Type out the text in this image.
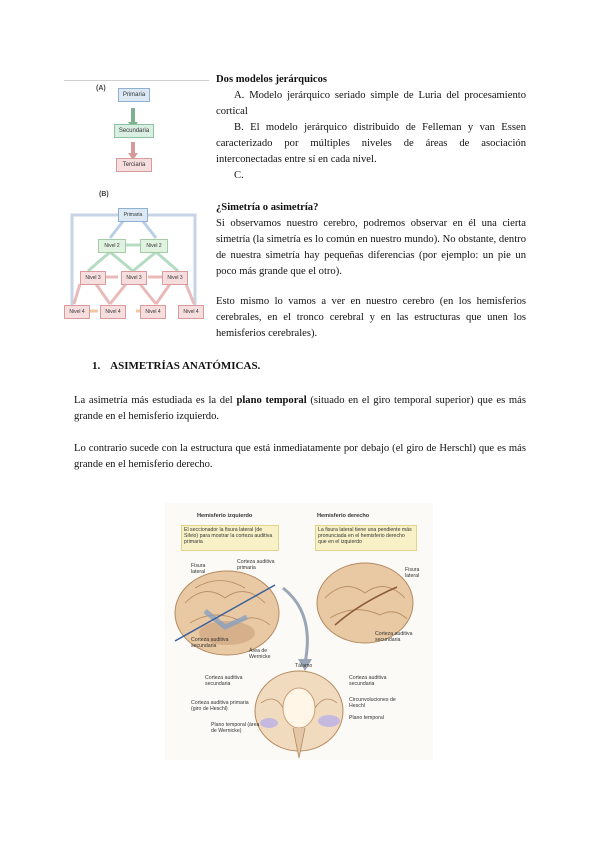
(A)
Primaria
Secundaria
Terciaria
(B)
Primaria
Nivel 2	Nivel 2
Nivel 3	Nivel 3	Nivel 3
Nivel 4	Nivel 4	Nivel 4	Nivel 4
Dos modelos jerárquicos
A. Modelo jerárquico seriado simple de Luria del procesamiento cortical
B. El modelo jerárquico distribuido de Felleman y van Essen caracterizado por múltiples niveles de áreas de asociación interconectadas entre sí en cada nivel.
C.
¿Simetría o asimetría?
Si observamos nuestro cerebro, podremos observar en él una cierta simetría (la simetría es lo común en nuestro mundo). No obstante, dentro de nuestra simetría hay pequeñas diferencias (por ejemplo: un pie un poco más grande que el otro).
Esto mismo lo vamos a ver en nuestro cerebro (en los hemisferios cerebrales, en el tronco cerebral y en las estructuras que unen los hemisferios cerebrales).
1. ASIMETRÍAS ANATÓMICAS.
La asimetría más estudiada es la del plano temporal (situado en el giro temporal superior) que es más grande en el hemisferio izquierdo.
Lo contrario sucede con la estructura que está inmediatamente por debajo (el giro de Herschl) que es más grande en el hemisferio derecho.
Hemisferio izquierdo	Hemisferio derecho
El seccionador la fisura lateral (de Silvio) para mostrar la corteza auditiva primaria
La fisura lateral tiene una pendiente más pronunciada en el hemisferio derecho que en el izquierdo
Fisura lateral
Corteza auditiva primaria
Corteza auditiva secundaria
Área de Wernicke
Fisura lateral
Corteza auditiva secundaria
Tálamo
Corteza auditiva secundaria
Corteza auditiva primaria (giro de Heschl)
Plano temporal (área de Wernicke)
Corteza auditiva secundaria
Circunvoluciones de Heschl
Plano temporal
